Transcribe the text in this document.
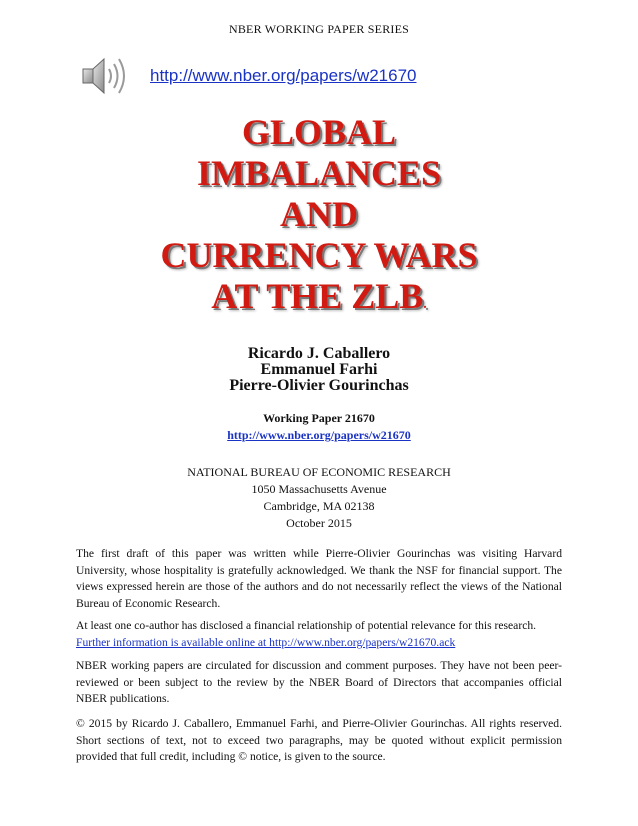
NBER WORKING PAPER SERIES
http://www.nber.org/papers/w21670
GLOBAL
IMBALANCES
AND
CURRENCY WARS
AT THE ZLB.
Ricardo J. Caballero
Emmanuel Farhi
Pierre-Olivier Gourinchas
Working Paper 21670
http://www.nber.org/papers/w21670
NATIONAL BUREAU OF ECONOMIC RESEARCH
1050 Massachusetts Avenue
Cambridge, MA 02138
October 2015
The first draft of this paper was written while Pierre-Olivier Gourinchas was visiting Harvard University, whose hospitality is gratefully acknowledged. We thank the NSF for financial support. The views expressed herein are those of the authors and do not necessarily reflect the views of the National Bureau of Economic Research.
At least one co-author has disclosed a financial relationship of potential relevance for this research.
Further information is available online at http://www.nber.org/papers/w21670.ack
NBER working papers are circulated for discussion and comment purposes. They have not been peer-reviewed or been subject to the review by the NBER Board of Directors that accompanies official NBER publications.
© 2015 by Ricardo J. Caballero, Emmanuel Farhi, and Pierre-Olivier Gourinchas. All rights reserved. Short sections of text, not to exceed two paragraphs, may be quoted without explicit permission provided that full credit, including © notice, is given to the source.
